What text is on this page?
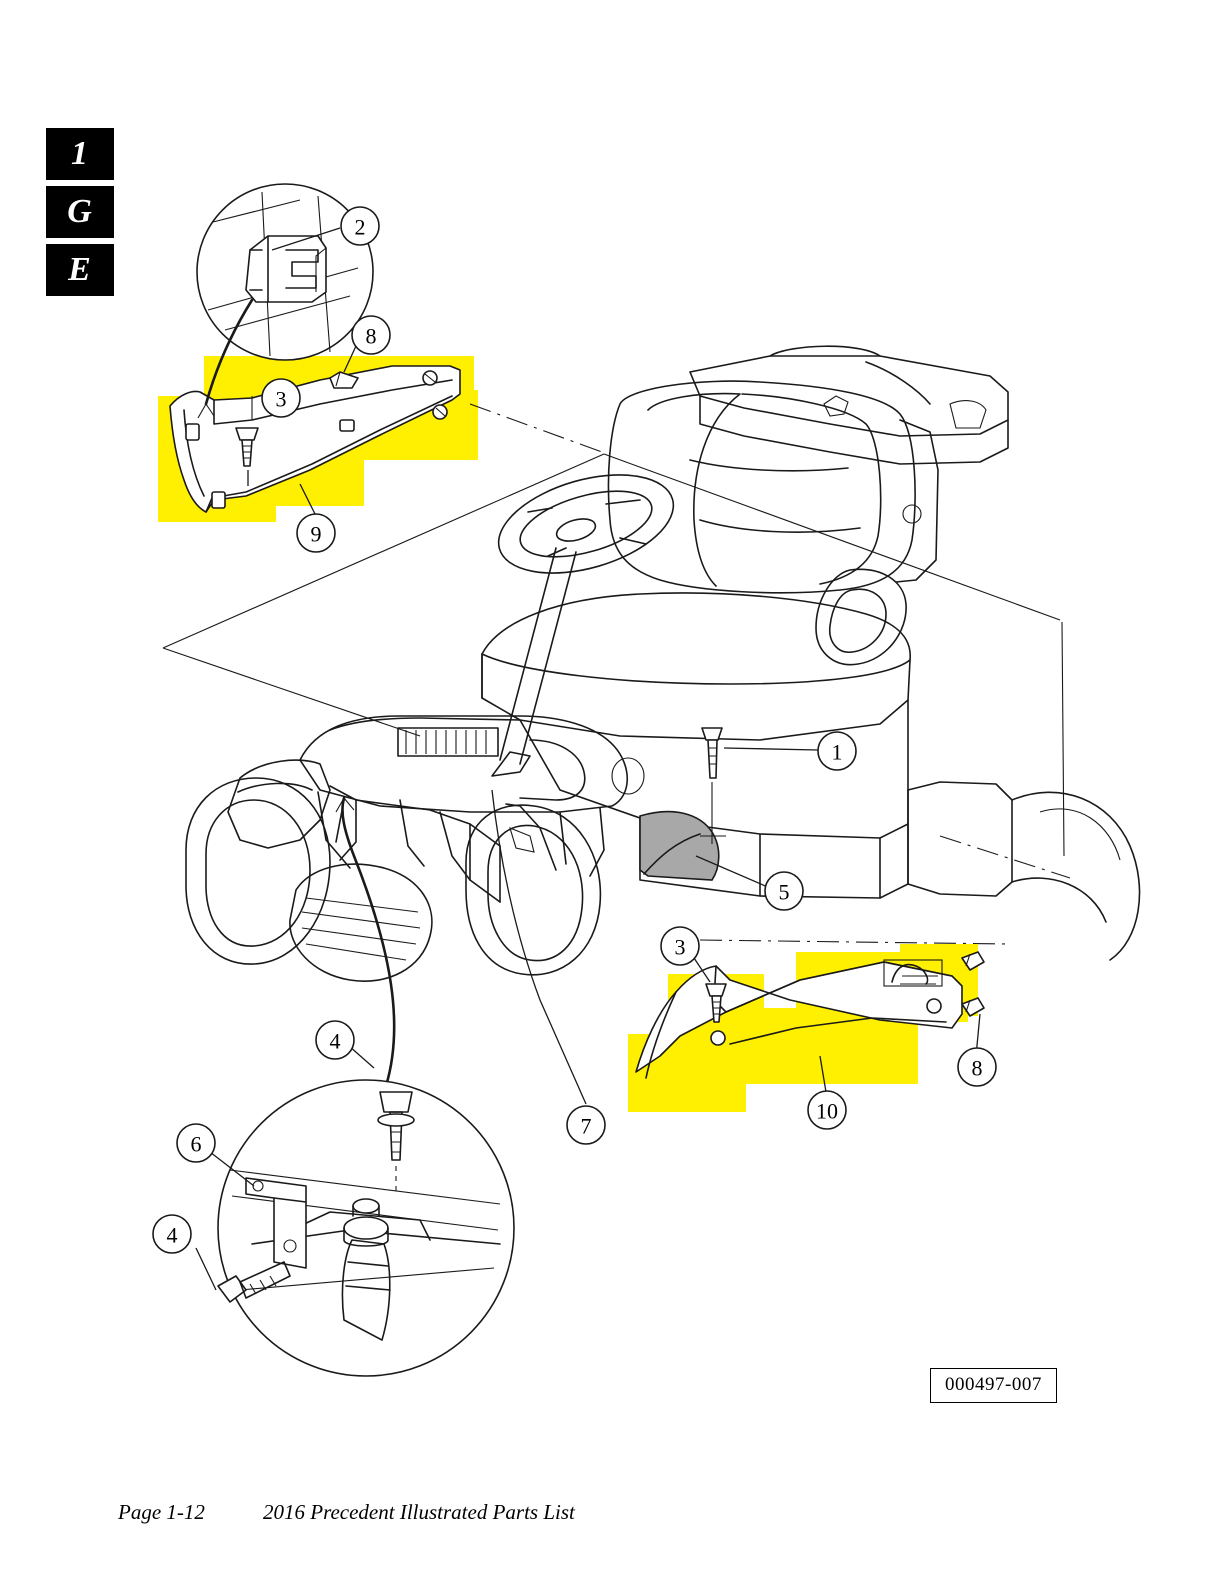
1
G
E
2
8
3
9
1
5
3
8
10
7
4
6
4
000497-007
Page 1-12	2016 Precedent Illustrated Parts List
